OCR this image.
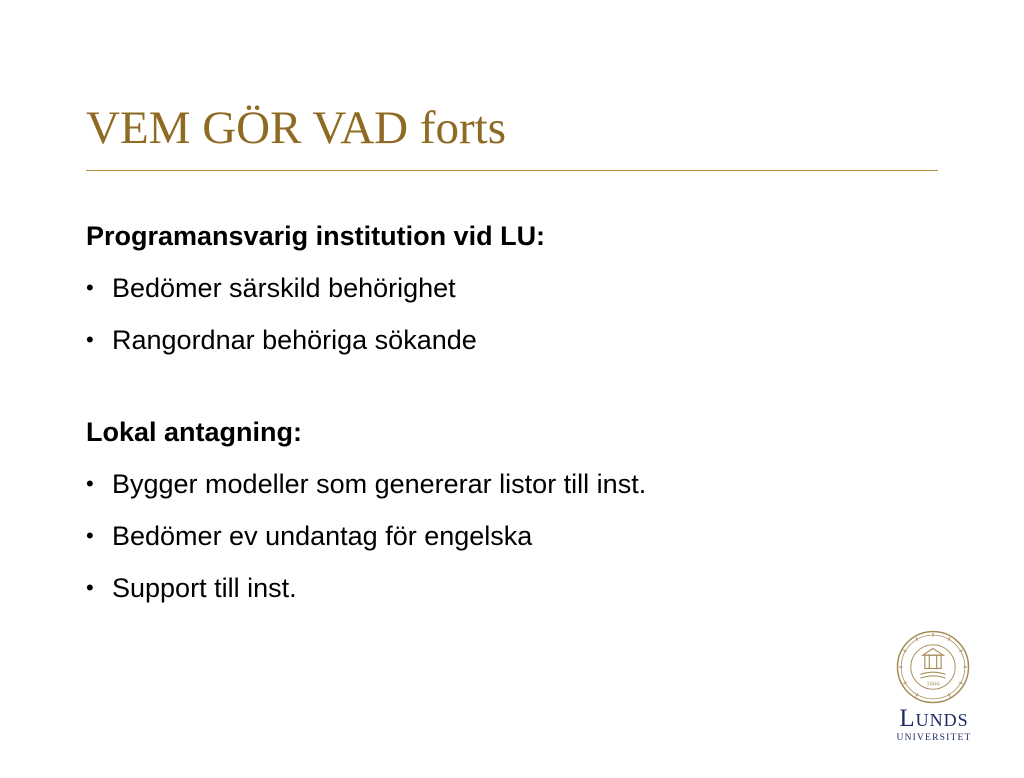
VEM GÖR VAD forts
Programansvarig institution vid LU:
• Bedömer särskild behörighet
• Rangordnar behöriga sökande
Lokal antagning:
• Bygger modeller som genererar listor till inst.
• Bedömer ev undantag för engelska
• Support till inst.
1666
Lunds
UNIVERSITET
